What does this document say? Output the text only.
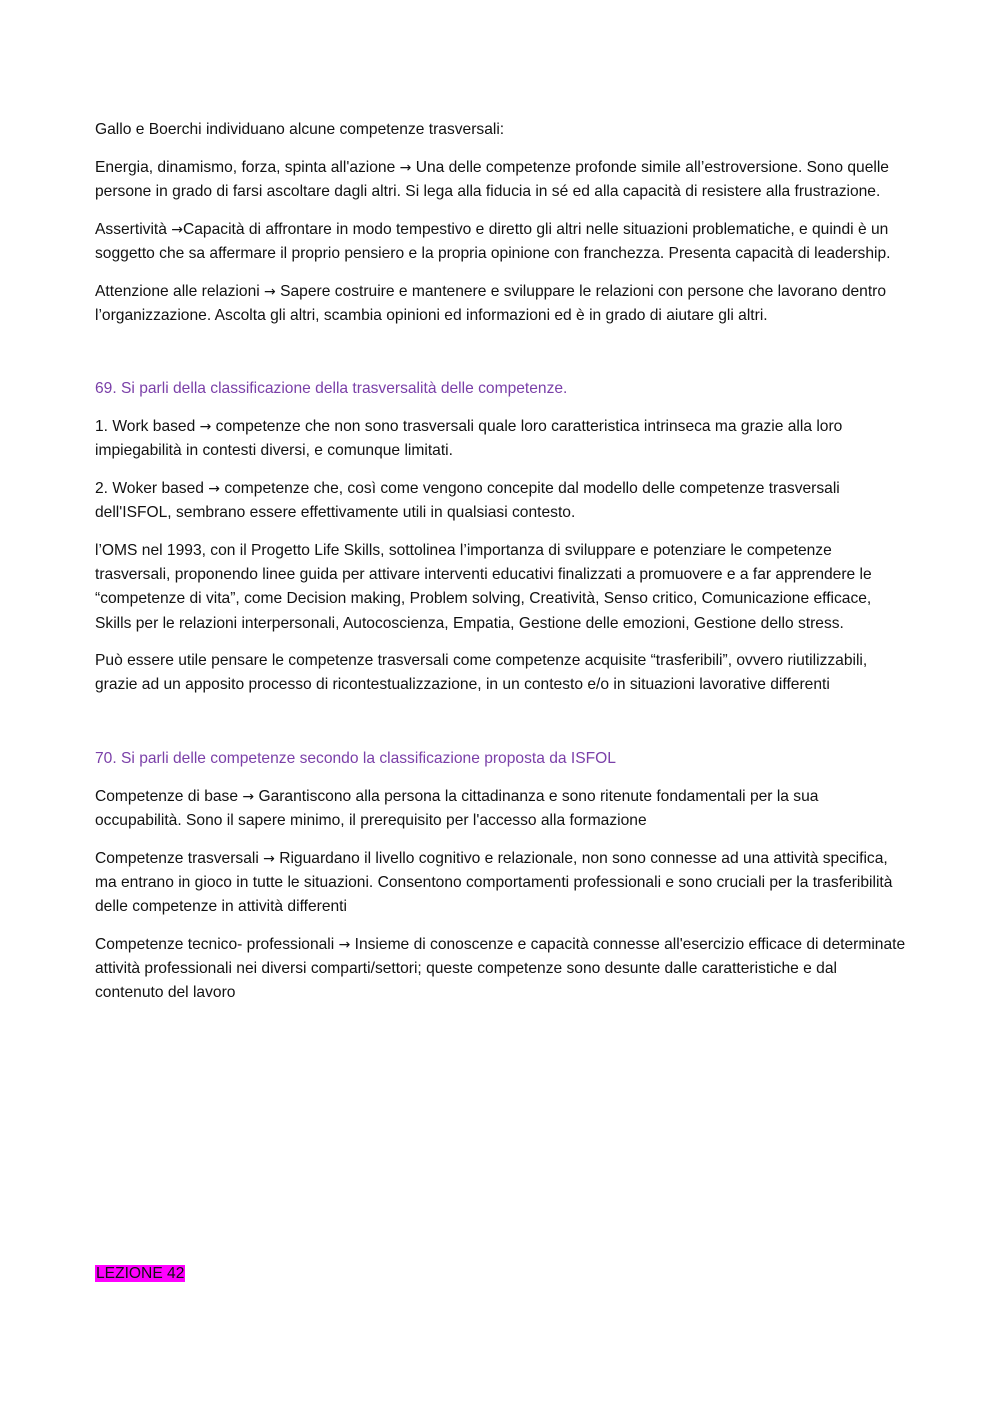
Gallo e Boerchi individuano alcune competenze trasversali:

Energia, dinamismo, forza, spinta all'azione → Una delle competenze profonde simile all’estroversione. Sono quelle persone in grado di farsi ascoltare dagli altri. Si lega alla fiducia in sé ed alla capacità di resistere alla frustrazione.

Assertività →Capacità di affrontare in modo tempestivo e diretto gli altri nelle situazioni problematiche, e quindi è un soggetto che sa affermare il proprio pensiero e la propria opinione con franchezza. Presenta capacità di leadership.

Attenzione alle relazioni → Sapere costruire e mantenere e sviluppare le relazioni con persone che lavorano dentro l’organizzazione. Ascolta gli altri, scambia opinioni ed informazioni ed è in grado di aiutare gli altri.

69. Si parli della classificazione della trasversalità delle competenze.

1. Work based → competenze che non sono trasversali quale loro caratteristica intrinseca ma grazie alla loro impiegabilità in contesti diversi, e comunque limitati.

2. Woker based → competenze che, così come vengono concepite dal modello delle competenze trasversali dell'ISFOL, sembrano essere effettivamente utili in qualsiasi contesto.

l’OMS nel 1993, con il Progetto Life Skills, sottolinea l’importanza di sviluppare e potenziare le competenze trasversali, proponendo linee guida per attivare interventi educativi finalizzati a promuovere e a far apprendere le “competenze di vita”, come Decision making, Problem solving, Creatività, Senso critico, Comunicazione efficace, Skills per le relazioni interpersonali, Autocoscienza, Empatia, Gestione delle emozioni, Gestione dello stress.

Può essere utile pensare le competenze trasversali come competenze acquisite “trasferibili”, ovvero riutilizzabili, grazie ad un apposito processo di ricontestualizzazione, in un contesto e/o in situazioni lavorative differenti

70. Si parli delle competenze secondo la classificazione proposta da ISFOL

Competenze di base → Garantiscono alla persona la cittadinanza e sono ritenute fondamentali per la sua occupabilità. Sono il sapere minimo, il prerequisito per l'accesso alla formazione

Competenze trasversali → Riguardano il livello cognitivo e relazionale, non sono connesse ad una attività specifica, ma entrano in gioco in tutte le situazioni. Consentono comportamenti professionali e sono cruciali per la trasferibilità delle competenze in attività differenti

Competenze tecnico- professionali → Insieme di conoscenze e capacità connesse all'esercizio efficace di determinate attività professionali nei diversi comparti/settori; queste competenze sono desunte dalle caratteristiche e dal contenuto del lavoro

LEZIONE 42
